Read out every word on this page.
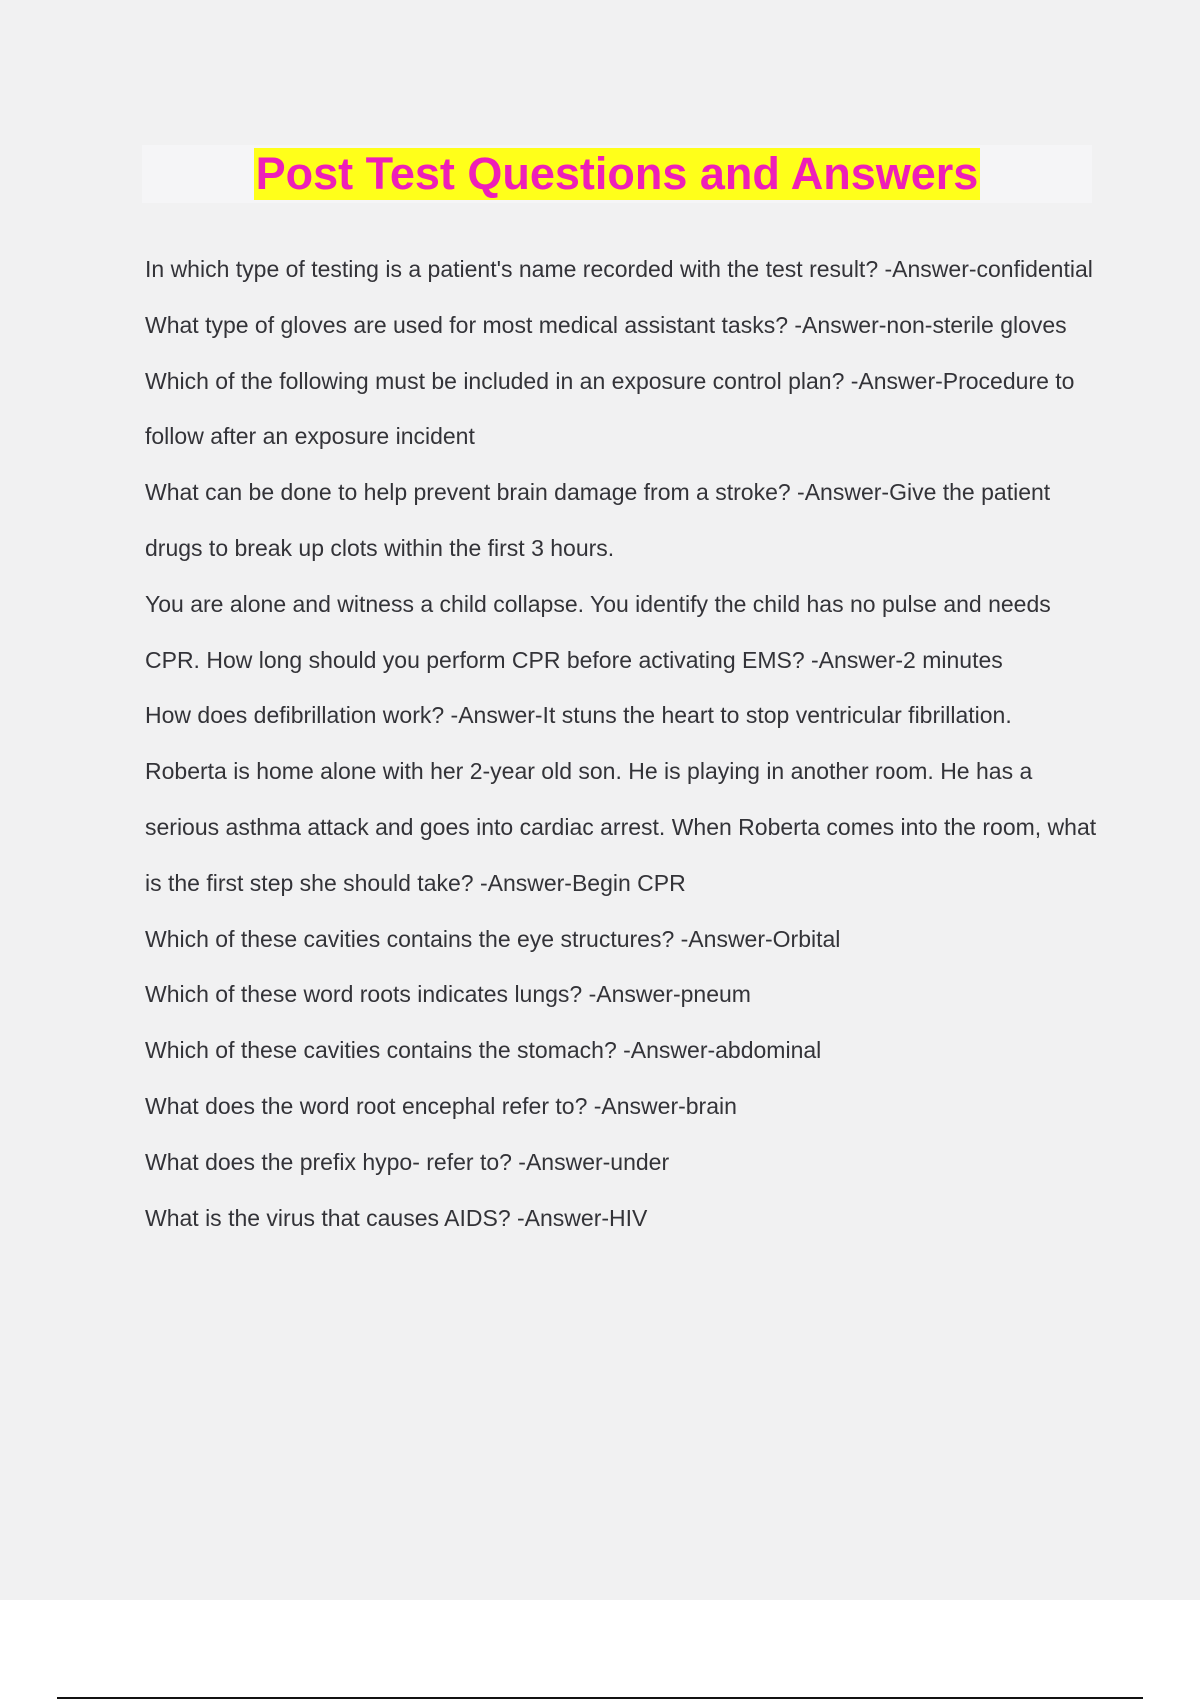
Post Test Questions and Answers
In which type of testing is a patient's name recorded with the test result? -Answer-confidential
What type of gloves are used for most medical assistant tasks? -Answer-non-sterile gloves
Which of the following must be included in an exposure control plan? -Answer-Procedure to follow after an exposure incident
What can be done to help prevent brain damage from a stroke? -Answer-Give the patient drugs to break up clots within the first 3 hours.
You are alone and witness a child collapse. You identify the child has no pulse and needs CPR. How long should you perform CPR before activating EMS? -Answer-2 minutes
How does defibrillation work? -Answer-It stuns the heart to stop ventricular fibrillation.
Roberta is home alone with her 2-year old son. He is playing in another room. He has a serious asthma attack and goes into cardiac arrest. When Roberta comes into the room, what is the first step she should take? -Answer-Begin CPR
Which of these cavities contains the eye structures? -Answer-Orbital
Which of these word roots indicates lungs? -Answer-pneum
Which of these cavities contains the stomach? -Answer-abdominal
What does the word root encephal refer to? -Answer-brain
What does the prefix hypo- refer to? -Answer-under
What is the virus that causes AIDS? -Answer-HIV
